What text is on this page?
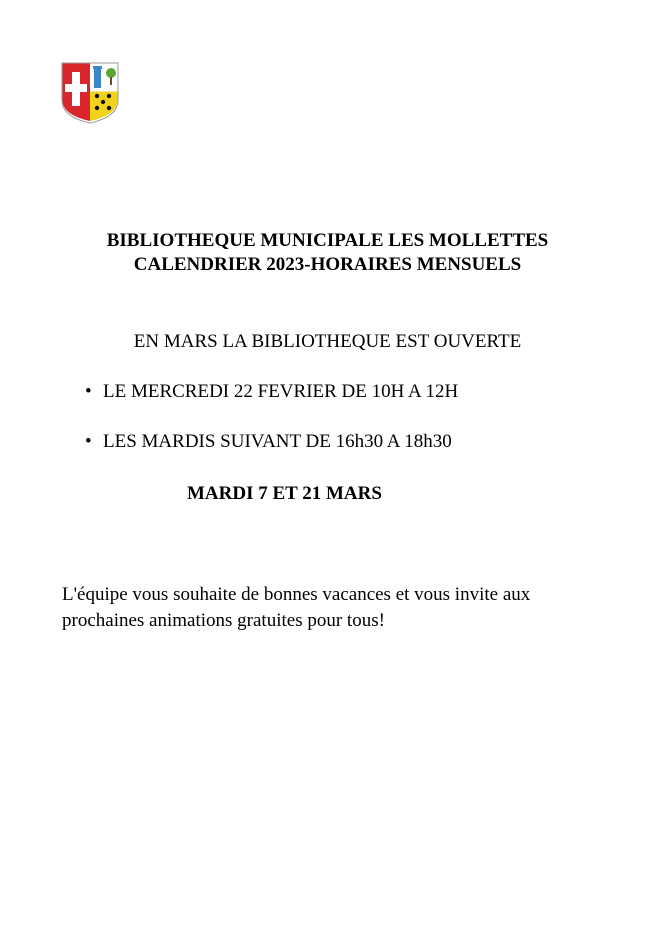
BIBLIOTHEQUE MUNICIPALE LES MOLLETTES
CALENDRIER 2023-HORAIRES MENSUELS
EN MARS LA BIBLIOTHEQUE EST OUVERTE
• LE MERCREDI 22 FEVRIER DE 10H A 12H
• LES MARDIS SUIVANT DE 16h30 A 18h30
MARDI 7 ET 21 MARS
L'équipe vous souhaite de bonnes vacances et vous invite aux prochaines animations gratuites pour tous!
